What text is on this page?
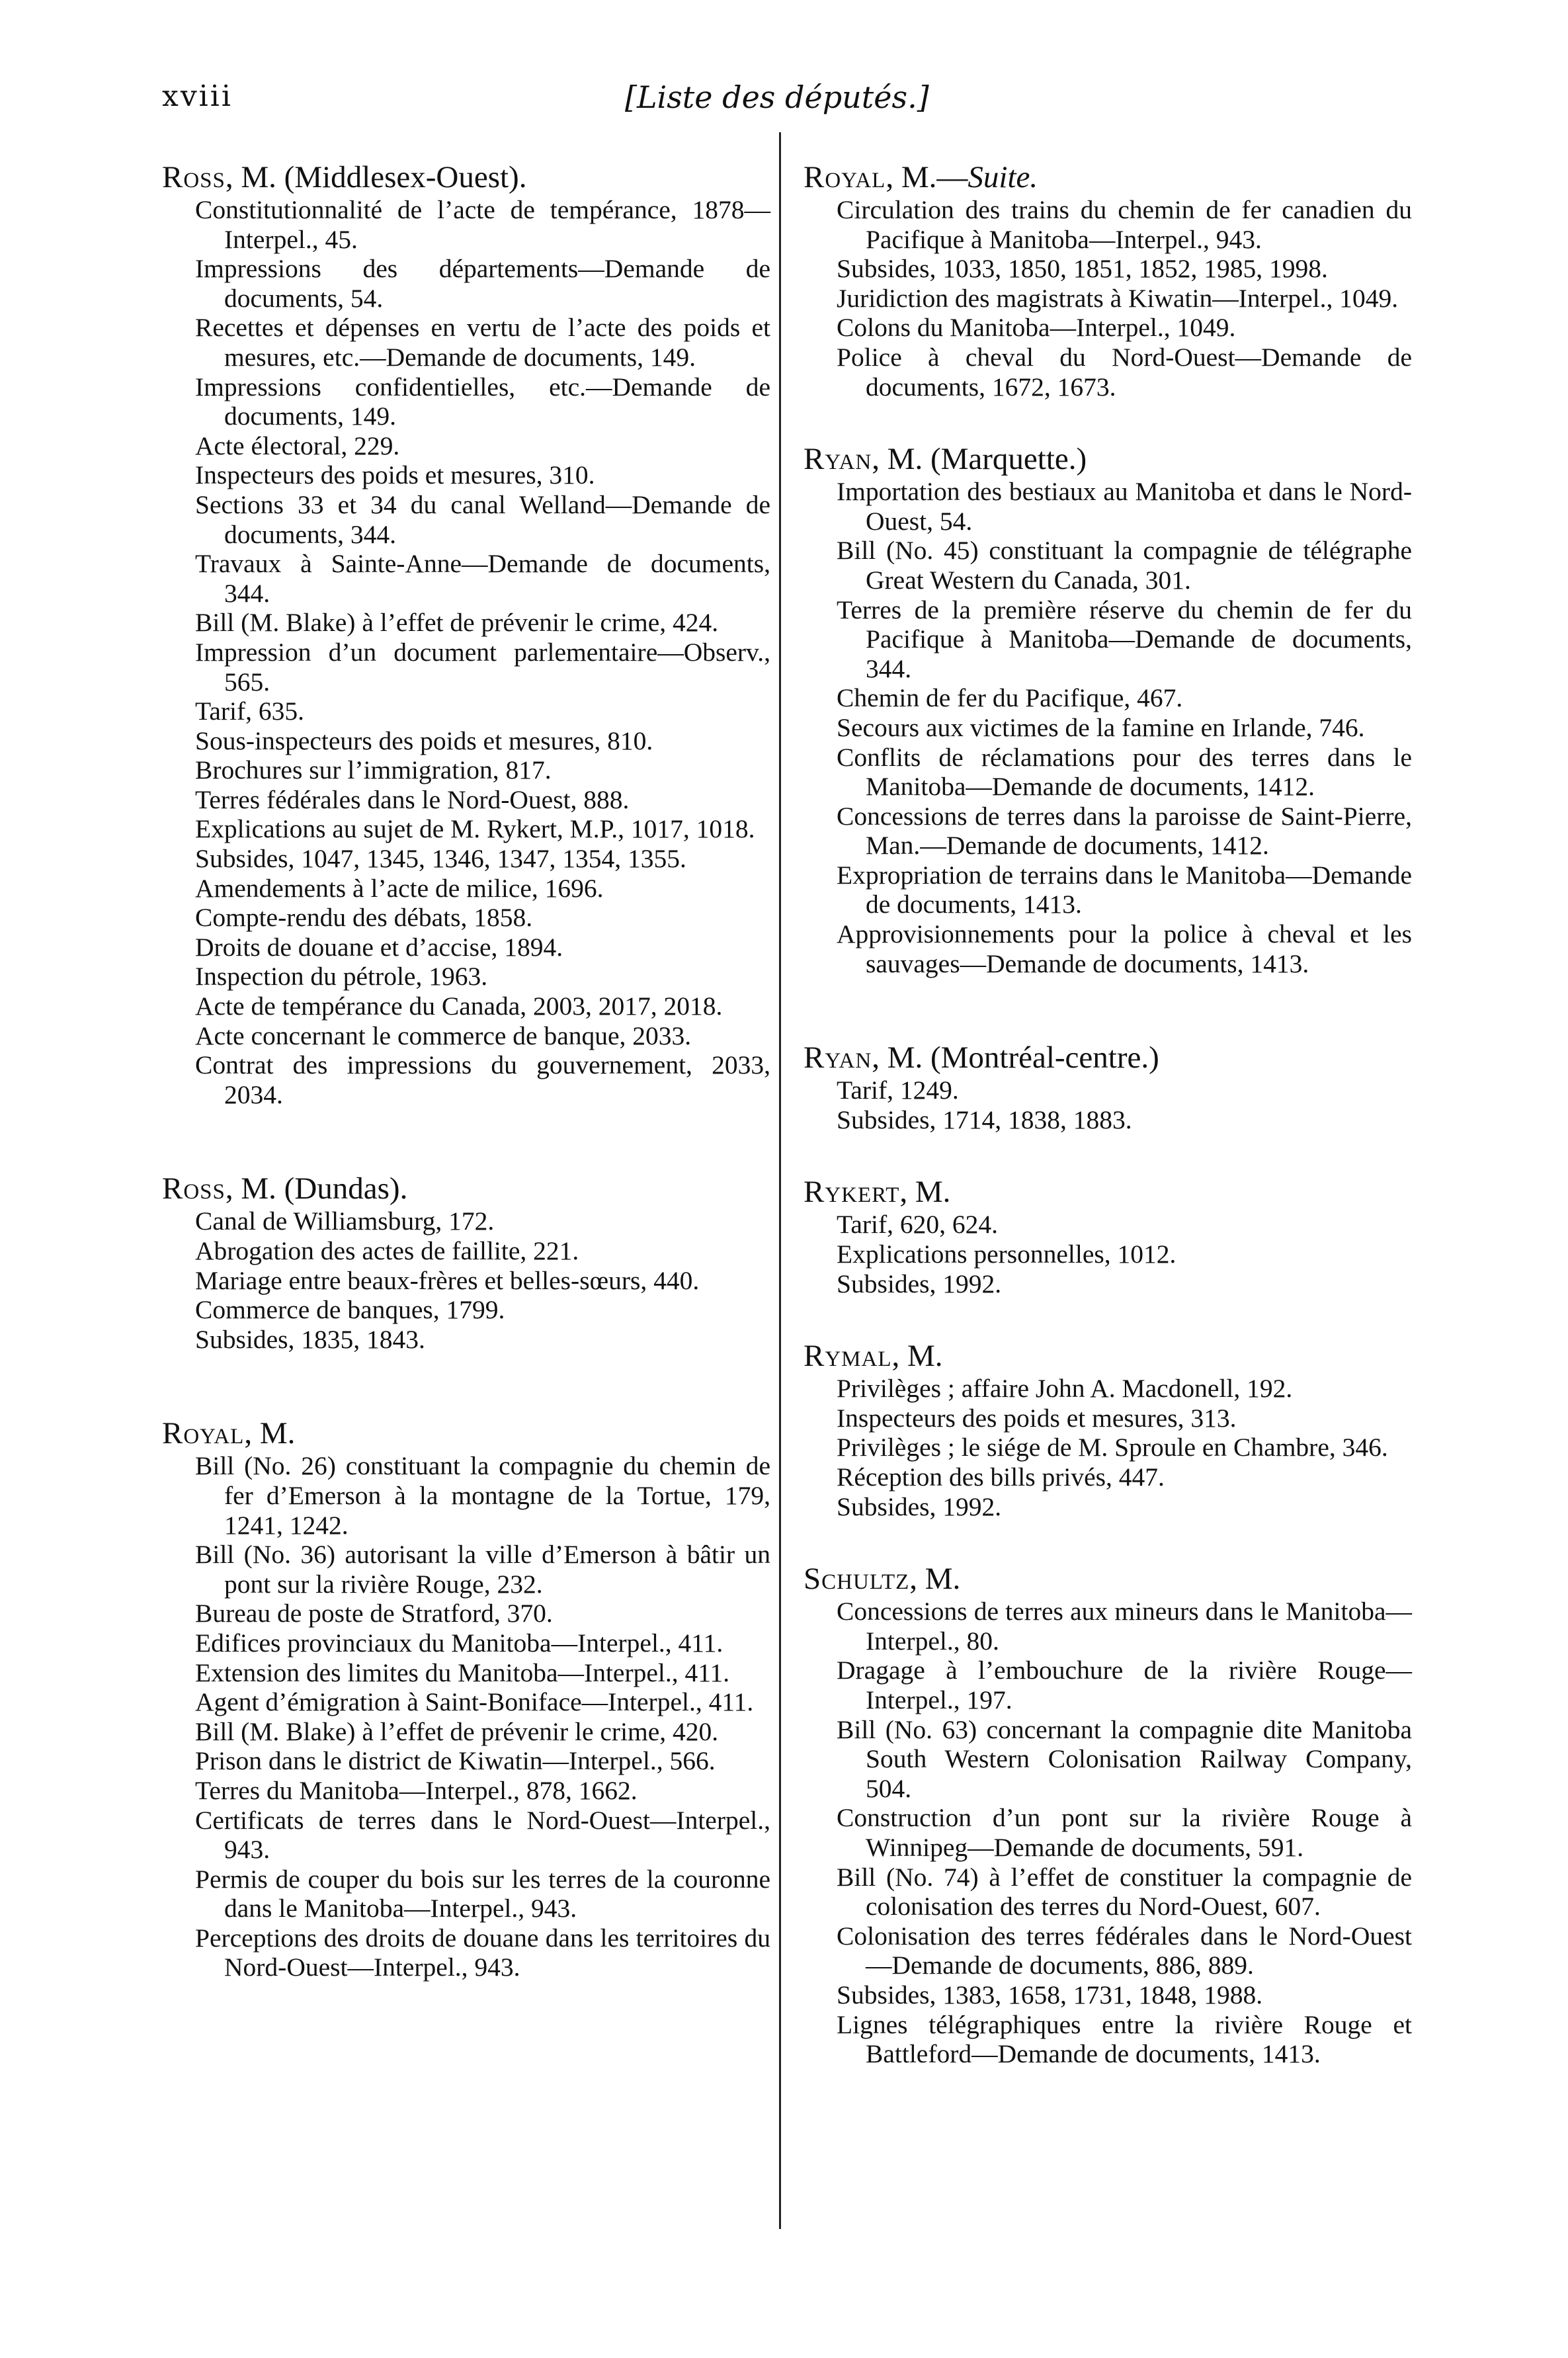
xviii	[Liste des députés.]
Ross, M. (Middlesex-Ouest).
Constitutionnalité de l’acte de tempérance, 1878—Interpel., 45.
Impressions des départements—Demande de documents, 54.
Recettes et dépenses en vertu de l’acte des poids et mesures, etc.—Demande de documents, 149.
Impressions confidentielles, etc.—Demande de documents, 149.
Acte électoral, 229.
Inspecteurs des poids et mesures, 310.
Sections 33 et 34 du canal Welland—Demande de documents, 344.
Travaux à Sainte-Anne—Demande de documents, 344.
Bill (M. Blake) à l’effet de prévenir le crime, 424.
Impression d’un document parlementaire—Observ., 565.
Tarif, 635.
Sous-inspecteurs des poids et mesures, 810.
Brochures sur l’immigration, 817.
Terres fédérales dans le Nord-Ouest, 888.
Explications au sujet de M. Rykert, M.P., 1017, 1018.
Subsides, 1047, 1345, 1346, 1347, 1354, 1355.
Amendements à l’acte de milice, 1696.
Compte-rendu des débats, 1858.
Droits de douane et d’accise, 1894.
Inspection du pétrole, 1963.
Acte de tempérance du Canada, 2003, 2017, 2018.
Acte concernant le commerce de banque, 2033.
Contrat des impressions du gouvernement, 2033, 2034.
Ross, M. (Dundas).
Canal de Williamsburg, 172.
Abrogation des actes de faillite, 221.
Mariage entre beaux-frères et belles-sœurs, 440.
Commerce de banques, 1799.
Subsides, 1835, 1843.
Royal, M.
Bill (No. 26) constituant la compagnie du chemin de fer d’Emerson à la montagne de la Tortue, 179, 1241, 1242.
Bill (No. 36) autorisant la ville d’Emerson à bâtir un pont sur la rivière Rouge, 232.
Bureau de poste de Stratford, 370.
Edifices provinciaux du Manitoba—Interpel., 411.
Extension des limites du Manitoba—Interpel., 411.
Agent d’émigration à Saint-Boniface—Interpel., 411.
Bill (M. Blake) à l’effet de prévenir le crime, 420.
Prison dans le district de Kiwatin—Interpel., 566.
Terres du Manitoba—Interpel., 878, 1662.
Certificats de terres dans le Nord-Ouest—Interpel., 943.
Permis de couper du bois sur les terres de la couronne dans le Manitoba—Interpel., 943.
Perceptions des droits de douane dans les territoires du Nord-Ouest—Interpel., 943.
Royal, M.—Suite.
Circulation des trains du chemin de fer canadien du Pacifique à Manitoba—Interpel., 943.
Subsides, 1033, 1850, 1851, 1852, 1985, 1998.
Juridiction des magistrats à Kiwatin—Interpel., 1049.
Colons du Manitoba—Interpel., 1049.
Police à cheval du Nord-Ouest—Demande de documents, 1672, 1673.
Ryan, M. (Marquette.)
Importation des bestiaux au Manitoba et dans le Nord-Ouest, 54.
Bill (No. 45) constituant la compagnie de télégraphe Great Western du Canada, 301.
Terres de la première réserve du chemin de fer du Pacifique à Manitoba—Demande de documents, 344.
Chemin de fer du Pacifique, 467.
Secours aux victimes de la famine en Irlande, 746.
Conflits de réclamations pour des terres dans le Manitoba—Demande de documents, 1412.
Concessions de terres dans la paroisse de Saint-Pierre, Man.—Demande de documents, 1412.
Expropriation de terrains dans le Manitoba—Demande de documents, 1413.
Approvisionnements pour la police à cheval et les sauvages—Demande de documents, 1413.
Ryan, M. (Montréal-centre.)
Tarif, 1249.
Subsides, 1714, 1838, 1883.
Rykert, M.
Tarif, 620, 624.
Explications personnelles, 1012.
Subsides, 1992.
Rymal, M.
Privilèges ; affaire John A. Macdonell, 192.
Inspecteurs des poids et mesures, 313.
Privilèges ; le siége de M. Sproule en Chambre, 346.
Réception des bills privés, 447.
Subsides, 1992.
Schultz, M.
Concessions de terres aux mineurs dans le Manitoba—Interpel., 80.
Dragage à l’embouchure de la rivière Rouge—Interpel., 197.
Bill (No. 63) concernant la compagnie dite Manitoba South Western Colonisation Railway Company, 504.
Construction d’un pont sur la rivière Rouge à Winnipeg—Demande de documents, 591.
Bill (No. 74) à l’effet de constituer la compagnie de colonisation des terres du Nord-Ouest, 607.
Colonisation des terres fédérales dans le Nord-Ouest—Demande de documents, 886, 889.
Subsides, 1383, 1658, 1731, 1848, 1988.
Lignes télégraphiques entre la rivière Rouge et Battleford—Demande de documents, 1413.
